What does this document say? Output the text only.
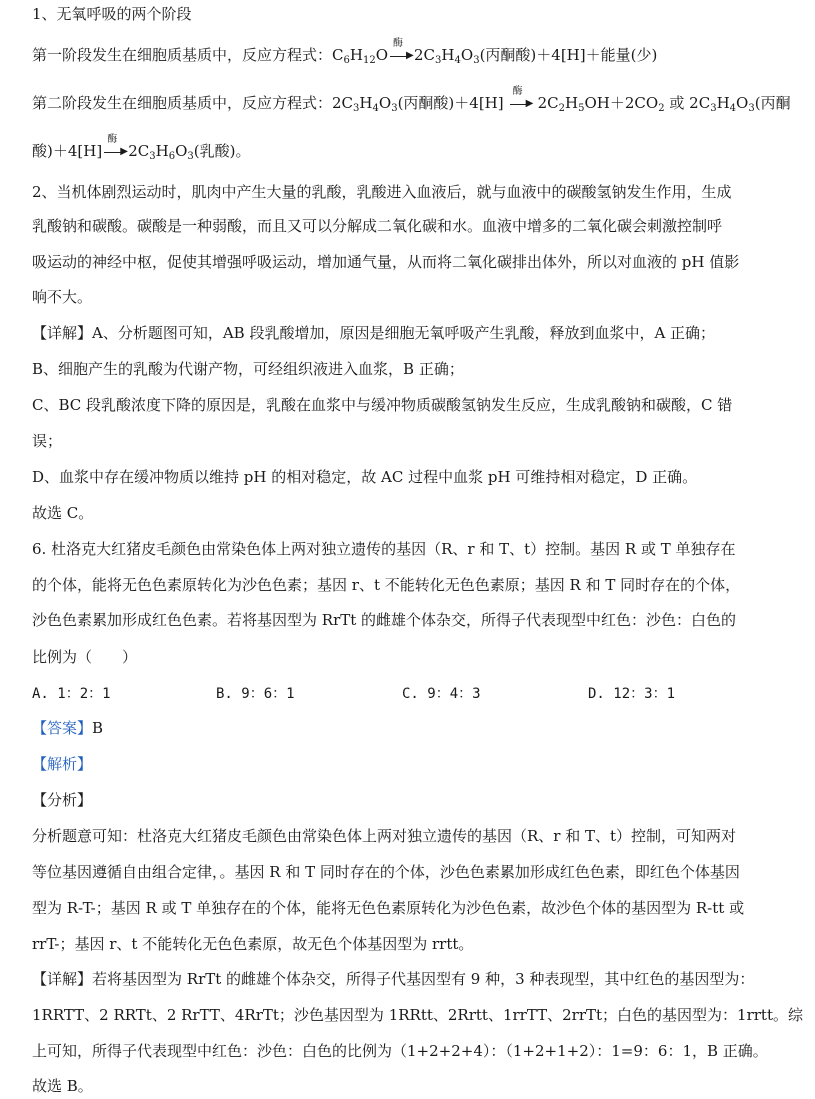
1、无氧呼吸的两个阶段
第一阶段发生在细胞质基质中，反应方程式：$C_6H_{12}O$
酶
▶ $2C_3H_4O_3$(丙酮酸)＋4[H]＋能量(少)
第二阶段发生在细胞质基质中，反应方程式：$2C_3H_4O_3$(丙酮酸)＋4[H]
酶
▶ $2C_2H_5OH+2CO_2$ 或 $2C_3H_4O_3$(丙酮
酸)＋4[H]
酶
▶ $2C_3H_6O_3$(乳酸)。
2、当机体剧烈运动时，肌肉中产生大量的乳酸，乳酸进入血液后，就与血液中的碳酸氢钠发生作用，生成
乳酸钠和碳酸。碳酸是一种弱酸，而且又可以分解成二氧化碳和水。血液中增多的二氧化碳会刺激控制呼
吸运动的神经中枢，促使其增强呼吸运动，增加通气量，从而将二氧化碳排出体外，所以对血液的 pH 值影
响不大。
【详解】A、分析题图可知，AB 段乳酸增加，原因是细胞无氧呼吸产生乳酸，释放到血浆中，A 正确；
B、细胞产生的乳酸为代谢产物，可经组织液进入血浆，B 正确；
C、BC 段乳酸浓度下降的原因是，乳酸在血浆中与缓冲物质碳酸氢钠发生反应，生成乳酸钠和碳酸，C 错
误；
D、血浆中存在缓冲物质以维持 pH 的相对稳定，故 AC 过程中血浆 pH 可维持相对稳定，D 正确。
故选 C。
6. 杜洛克大红猪皮毛颜色由常染色体上两对独立遗传的基因（R、r 和 T、t）控制。基因 R 或 T 单独存在
的个体，能将无色色素原转化为沙色色素；基因 r、t 不能转化无色色素原；基因 R 和 T 同时存在的个体，
沙色色素累加形成红色色素。若将基因型为 RrTt 的雌雄个体杂交，所得子代表现型中红色：沙色：白色的
比例为（　　）
A. 1：2：1	B. 9：6：1	C. 9：4：3	D. 12：3：1
【答案】B
【解析】
【分析】
分析题意可知：杜洛克大红猪皮毛颜色由常染色体上两对独立遗传的基因（R、r 和 T、t）控制，可知两对
等位基因遵循自由组合定律，。基因 R 和 T 同时存在的个体，沙色色素累加形成红色色素，即红色个体基因
型为 R-T-；基因 R 或 T 单独存在的个体，能将无色色素原转化为沙色色素，故沙色个体的基因型为 R-tt 或
rrT-；基因 r、t 不能转化无色色素原，故无色个体基因型为 rrtt。
【详解】若将基因型为 RrTt 的雌雄个体杂交，所得子代基因型有 9 种，3 种表现型，其中红色的基因型为：
1RRTT、2 RRTt、2 RrTT、4RrTt；沙色基因型为 1RRtt、2Rrtt、1rrTT、2rrTt；白色的基因型为：1rrtt。综
上可知，所得子代表现型中红色：沙色：白色的比例为（1+2+2+4）：（1+2+1+2）：1=9：6：1，B 正确。
故选 B。
